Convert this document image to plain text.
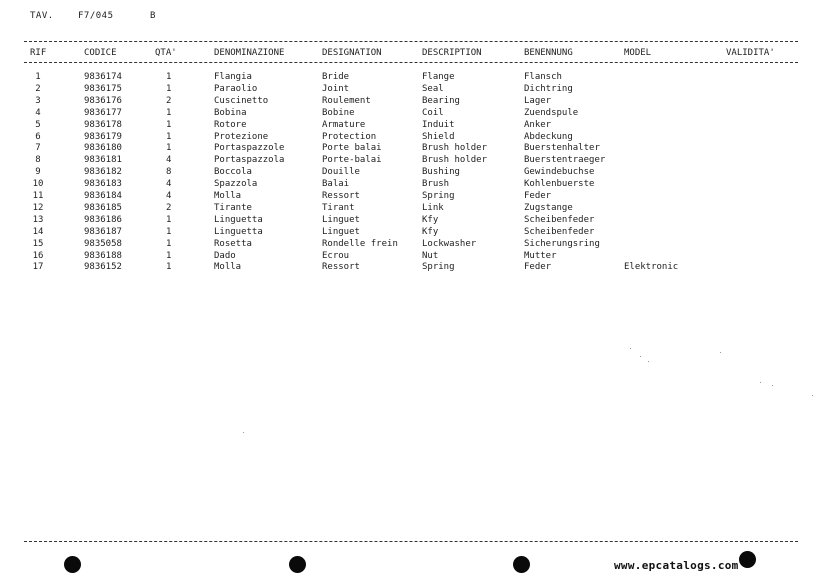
TAV.	F7/045	B
RIF	CODICE	QTA'	DENOMINAZIONE	DESIGNATION	DESCRIPTION	BENENNUNG	MODEL	VALIDITA'
1	9836174	1	Flangia	Bride	Flange	Flansch
2	9836175	1	Paraolio	Joint	Seal	Dichtring
3	9836176	2	Cuscinetto	Roulement	Bearing	Lager
4	9836177	1	Bobina	Bobine	Coil	Zuendspule
5	9836178	1	Rotore	Armature	Induit	Anker
6	9836179	1	Protezione	Protection	Shield	Abdeckung
7	9836180	1	Portaspazzole	Porte balai	Brush holder	Buerstenhalter
8	9836181	4	Portaspazzola	Porte-balai	Brush holder	Buerstentraeger
9	9836182	8	Boccola	Douille	Bushing	Gewindebuchse
10	9836183	4	Spazzola	Balai	Brush	Kohlenbuerste
11	9836184	4	Molla	Ressort	Spring	Feder
12	9836185	2	Tirante	Tirant	Link	Zugstange
13	9836186	1	Linguetta	Linguet	Kfy	Scheibenfeder
14	9836187	1	Linguetta	Linguet	Kfy	Scheibenfeder
15	9835058	1	Rosetta	Rondelle frein	Lockwasher	Sicherungsring
16	9836188	1	Dado	Ecrou	Nut	Mutter
17	9836152	1	Molla	Ressort	Spring	Feder	Elektronic
www.epcatalogs.com
